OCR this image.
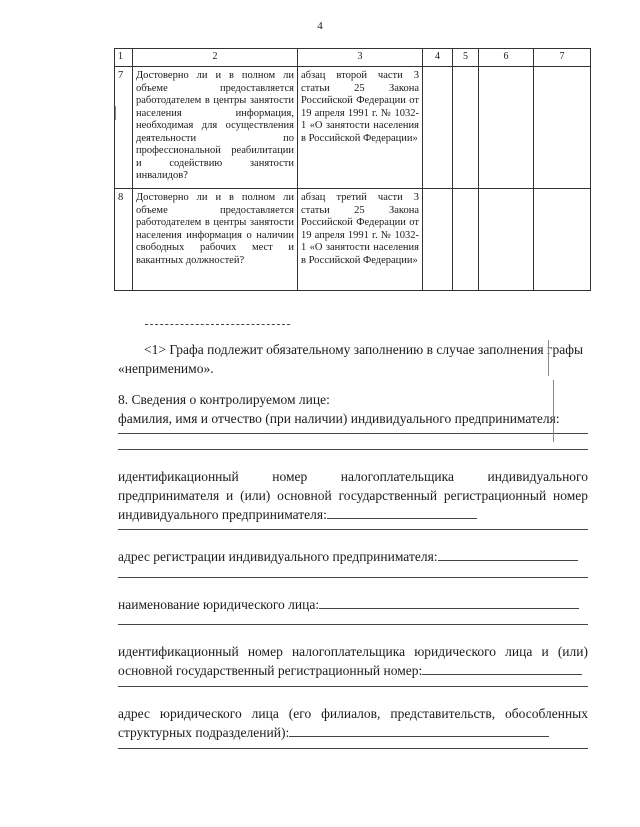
4
1	2	3	4	5	6	7
7	Достоверно ли и в полном ли объеме предоставляется работодателем в центры занятости населения информация, необходимая для осуществления деятельности по профессиональной реабилитации и содействию занятости инвалидов?	абзац второй части 3 статьи 25 Закона Российской Федерации от 19 апреля 1991 г. № 1032-1 «О занятости населения в Российской Федерации»				
8	Достоверно ли и в полном ли объеме предоставляется работодателем в центры занятости населения информация о наличии свободных рабочих мест и вакантных должностей?	абзац третий части 3 статьи 25 Закона Российской Федерации от 19 апреля 1991 г. № 1032-1 «О занятости населения в Российской Федерации»				
<1> Графа подлежит обязательному заполнению в случае заполнения графы «неприменимо».
8. Сведения о контролируемом лице:
фамилия, имя и отчество (при наличии) индивидуального предпринимателя:
идентификационный номер налогоплательщика индивидуального предпринимателя и (или) основной государственный регистрационный номер индивидуального предпринимателя:
адрес регистрации индивидуального предпринимателя:
наименование юридического лица:
идентификационный номер налогоплательщика юридического лица и (или) основной государственный регистрационный номер:
адрес юридического лица (его филиалов, представительств, обособленных структурных подразделений):
